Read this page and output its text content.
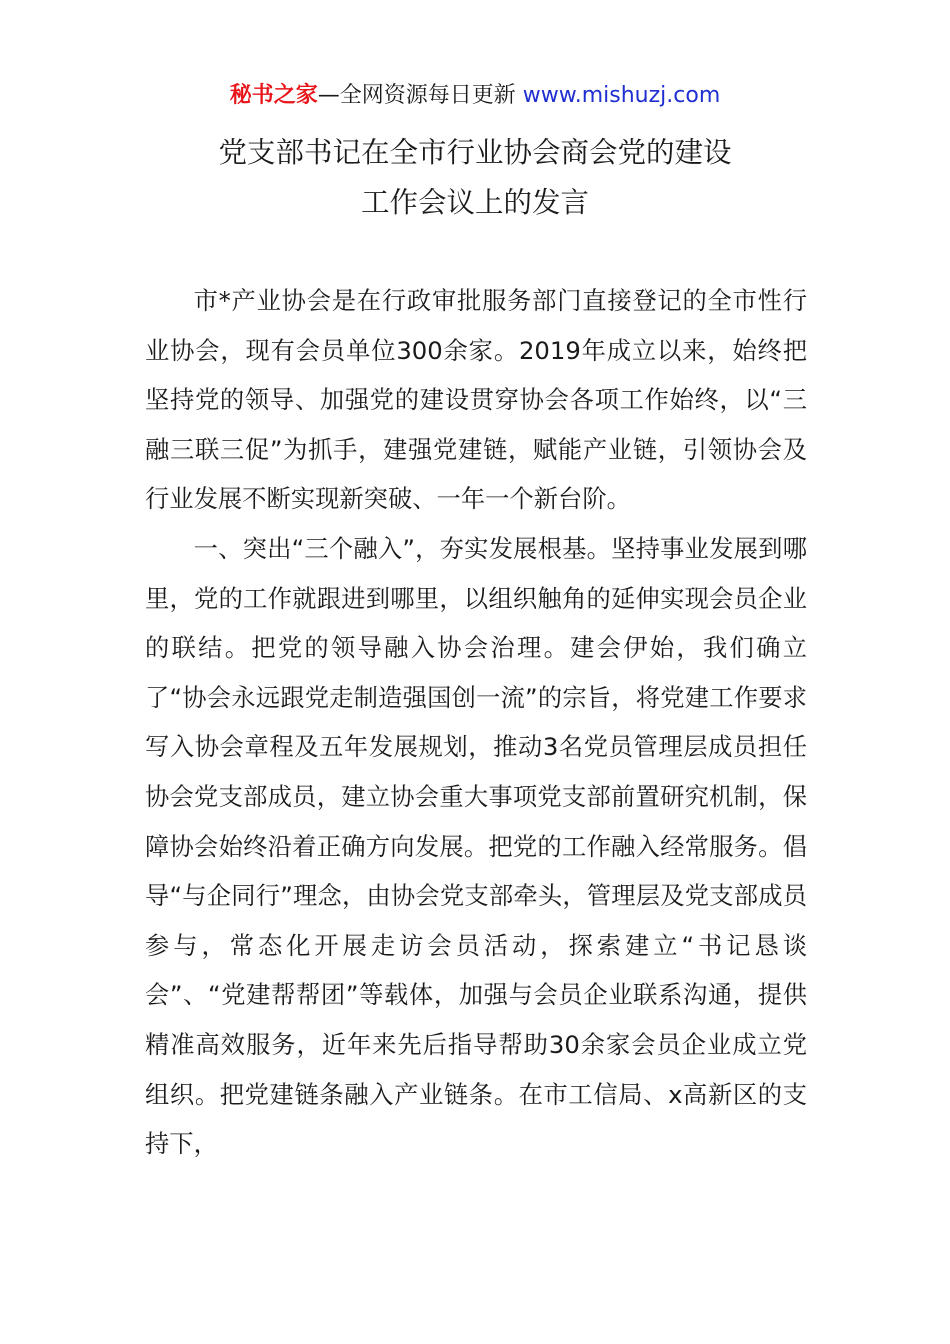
秘书之家—全网资源每日更新 www.mishuzj.com
党支部书记在全市行业协会商会党的建设
工作会议上的发言

市*产业协会是在行政审批服务部门直接登记的全市性行业协会，现有会员单位300余家。2019年成立以来，始终把坚持党的领导、加强党的建设贯穿协会各项工作始终，以“三融三联三促”为抓手，建强党建链，赋能产业链，引领协会及行业发展不断实现新突破、一年一个新台阶。

一、突出“三个融入”，夯实发展根基。坚持事业发展到哪里，党的工作就跟进到哪里，以组织触角的延伸实现会员企业的联结。把党的领导融入协会治理。建会伊始，我们确立了“协会永远跟党走制造强国创一流”的宗旨，将党建工作要求写入协会章程及五年发展规划，推动3名党员管理层成员担任协会党支部成员，建立协会重大事项党支部前置研究机制，保障协会始终沿着正确方向发展。把党的工作融入经常服务。倡导“与企同行”理念，由协会党支部牵头，管理层及党支部成员参与，常态化开展走访会员活动，探索建立“书记恳谈会”、“党建帮帮团”等载体，加强与会员企业联系沟通，提供精准高效服务，近年来先后指导帮助30余家会员企业成立党组织。把党建链条融入产业链条。在市工信局、x高新区的支持下，
